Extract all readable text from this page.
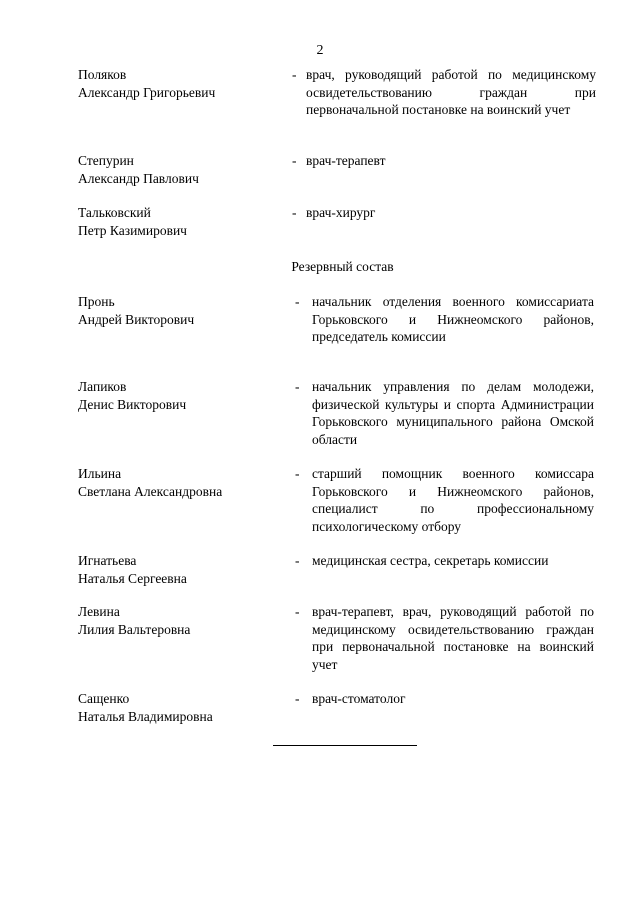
2
Поляков
Александр Григорьевич
- врач, руководящий работой по медицинскому освидетельствованию граждан при первоначальной постановке на воинский учет
Степурин
Александр Павлович
- врач-терапевт
Тальковский
Петр Казимирович
- врач-хирург
Резервный состав
Пронь
Андрей Викторович
- начальник отделения военного комиссариата Горьковского и Нижнеомского районов, председатель комиссии
Лапиков
Денис Викторович
- начальник управления по делам молодежи, физической культуры и спорта Администрации Горьковского муниципального района Омской области
Ильина
Светлана Александровна
- старший помощник военного комиссара Горьковского и Нижнеомского районов, специалист по профессиональному психологическому отбору
Игнатьева
Наталья Сергеевна
- медицинская сестра, секретарь комиссии
Левина
Лилия Вальтеровна
- врач-терапевт, врач, руководящий работой по медицинскому освидетельствованию граждан при первоначальной постановке на воинский учет
Сащенко
Наталья Владимировна
- врач-стоматолог
